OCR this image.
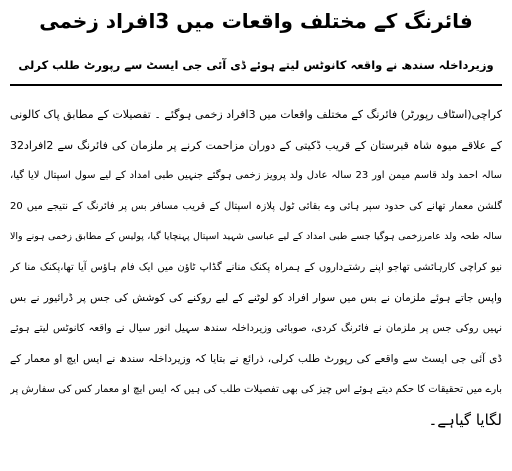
فائرنگ کے مختلف واقعات میں 3افراد زخمی
وزیرداخلہ سندھ نے واقعہ کانوٹس لیتے ہوئے ڈی آئی جی ایسٹ سے رپورٹ طلب کرلی
کراچی(اسٹاف رپورٹر) فائرنگ کے مختلف واقعات میں 3افراد زخمی ہوگئے ۔ تفصیلات کے مطابق پاک کالونی
کے علاقے میوہ شاہ قبرستان کے قریب ڈکیتی کے دوران مزاحمت کرنے پر ملزمان کی فائرنگ سے 2افراد32
سالہ احمد ولد قاسم میمن اور 23 سالہ عادل ولد پرویز زخمی ہوگئے جنہیں طبی امداد کے لیے سول اسپتال لایا گیا،
گلشن معمار تھانے کی حدود سپر ہائی وے بقائی ٹول پلازہ اسپتال کے قریب مسافر بس پر فائرنگ کے نتیجے میں 20
سالہ طحہ ولد عامرزخمی ہوگیا جسے طبی امداد کے لیے عباسی شہید اسپتال پہنچایا گیا، پولیس کے مطابق زخمی ہونے والا
نیو کراچی کارہائشی تھاجو اپنے رشتےداروں کے ہمراہ پکنک منانے گڈاپ ٹاؤن میں ایک فام ہاؤس آیا تھا،پکنک منا کر
واپس جاتے ہوئے ملزمان نے بس میں سوار افراد کو لوٹنے کے لیے روکنے کی کوشش کی جس پر ڈرائیور نے بس
نہیں روکی جس پر ملزمان نے فائرنگ کردی، صوبائی وزیرداخلہ سندھ سہیل انور سیال نے واقعہ کانوٹس لیتے ہوئے
ڈی آئی جی ایسٹ سے واقعے کی رپورٹ طلب کرلی، ذرائع نے بتایا کہ وزیرداخلہ سندھ نے ایس ایچ او معمار کے
بارے میں تحقیقات کا حکم دیتے ہوئے اس چیز کی بھی تفصیلات طلب کی ہیں کہ ایس ایچ او معمار کس کی سفارش پر
لگایا گیاہے۔
